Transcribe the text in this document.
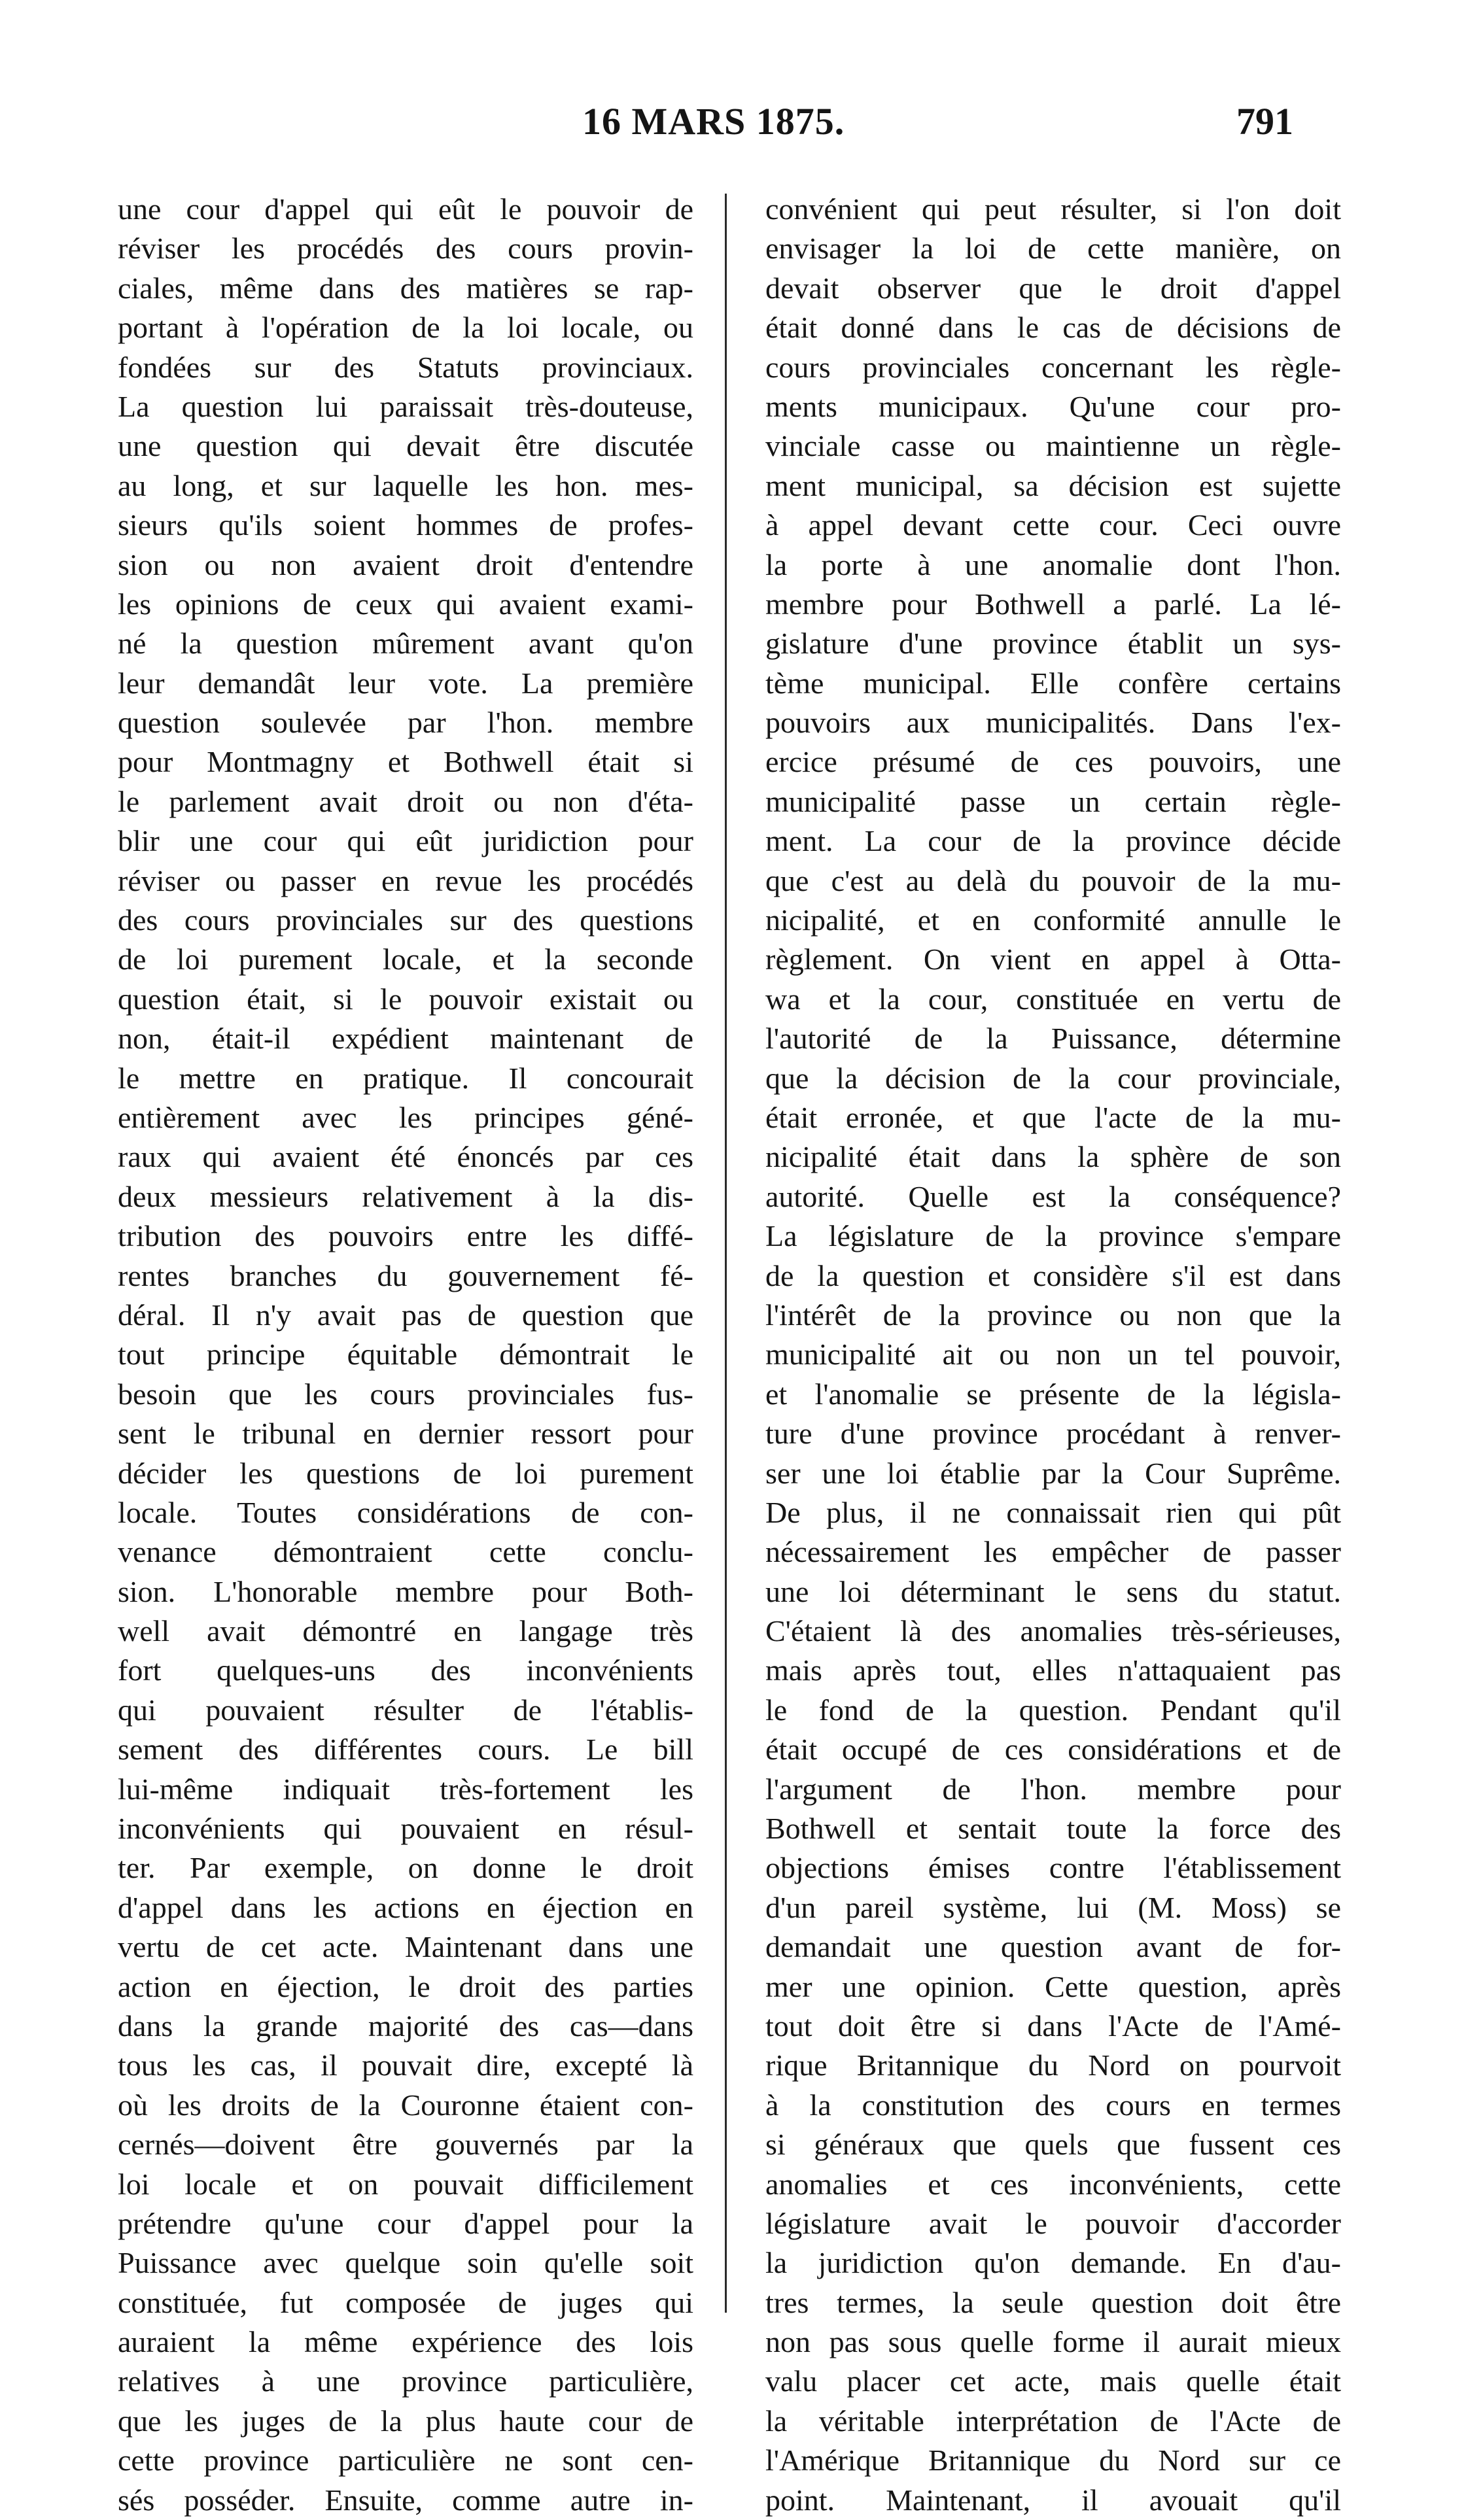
16 MARS 1875.	791
une cour d'appel qui eût le pouvoir de
réviser les procédés des cours provin-
ciales, même dans des matières se rap-
portant à l'opération de la loi locale, ou
fondées sur des Statuts provinciaux.
La question lui paraissait très-douteuse,
une question qui devait être discutée
au long, et sur laquelle les hon. mes-
sieurs qu'ils soient hommes de profes-
sion ou non avaient droit d'entendre
les opinions de ceux qui avaient exami-
né la question mûrement avant qu'on
leur demandât leur vote. La première
question soulevée par l'hon. membre
pour Montmagny et Bothwell était si
le parlement avait droit ou non d'éta-
blir une cour qui eût juridiction pour
réviser ou passer en revue les procédés
des cours provinciales sur des questions
de loi purement locale, et la seconde
question était, si le pouvoir existait ou
non, était-il expédient maintenant de
le mettre en pratique. Il concourait
entièrement avec les principes géné-
raux qui avaient été énoncés par ces
deux messieurs relativement à la dis-
tribution des pouvoirs entre les diffé-
rentes branches du gouvernement fé-
déral. Il n'y avait pas de question que
tout principe équitable démontrait le
besoin que les cours provinciales fus-
sent le tribunal en dernier ressort pour
décider les questions de loi purement
locale. Toutes considérations de con-
venance démontraient cette conclu-
sion. L'honorable membre pour Both-
well avait démontré en langage très
fort quelques-uns des inconvénients
qui pouvaient résulter de l'établis-
sement des différentes cours. Le bill
lui-même indiquait très-fortement les
inconvénients qui pouvaient en résul-
ter. Par exemple, on donne le droit
d'appel dans les actions en éjection en
vertu de cet acte. Maintenant dans une
action en éjection, le droit des parties
dans la grande majorité des cas—dans
tous les cas, il pouvait dire, excepté là
où les droits de la Couronne étaient con-
cernés—doivent être gouvernés par la
loi locale et on pouvait difficilement
prétendre qu'une cour d'appel pour la
Puissance avec quelque soin qu'elle soit
constituée, fut composée de juges qui
auraient la même expérience des lois
relatives à une province particulière,
que les juges de la plus haute cour de
cette province particulière ne sont cen-
sés posséder. Ensuite, comme autre in-
convénient qui peut résulter, si l'on doit
envisager la loi de cette manière, on
devait observer que le droit d'appel
était donné dans le cas de décisions de
cours provinciales concernant les règle-
ments municipaux. Qu'une cour pro-
vinciale casse ou maintienne un règle-
ment municipal, sa décision est sujette
à appel devant cette cour. Ceci ouvre
la porte à une anomalie dont l'hon.
membre pour Bothwell a parlé. La lé-
gislature d'une province établit un sys-
tème municipal. Elle confère certains
pouvoirs aux municipalités. Dans l'ex-
ercice présumé de ces pouvoirs, une
municipalité passe un certain règle-
ment. La cour de la province décide
que c'est au delà du pouvoir de la mu-
nicipalité, et en conformité annulle le
règlement. On vient en appel à Otta-
wa et la cour, constituée en vertu de
l'autorité de la Puissance, détermine
que la décision de la cour provinciale,
était erronée, et que l'acte de la mu-
nicipalité était dans la sphère de son
autorité. Quelle est la conséquence?
La législature de la province s'empare
de la question et considère s'il est dans
l'intérêt de la province ou non que la
municipalité ait ou non un tel pouvoir,
et l'anomalie se présente de la législa-
ture d'une province procédant à renver-
ser une loi établie par la Cour Suprême.
De plus, il ne connaissait rien qui pût
nécessairement les empêcher de passer
une loi déterminant le sens du statut.
C'étaient là des anomalies très-sérieuses,
mais après tout, elles n'attaquaient pas
le fond de la question. Pendant qu'il
était occupé de ces considérations et de
l'argument de l'hon. membre pour
Bothwell et sentait toute la force des
objections émises contre l'établissement
d'un pareil système, lui (M. Moss) se
demandait une question avant de for-
mer une opinion. Cette question, après
tout doit être si dans l'Acte de l'Amé-
rique Britannique du Nord on pourvoit
à la constitution des cours en termes
si généraux que quels que fussent ces
anomalies et ces inconvénients, cette
législature avait le pouvoir d'accorder
la juridiction qu'on demande. En d'au-
tres termes, la seule question doit être
non pas sous quelle forme il aurait mieux
valu placer cet acte, mais quelle était
la véritable interprétation de l'Acte de
l'Amérique Britannique du Nord sur ce
point. Maintenant, il avouait qu'il
